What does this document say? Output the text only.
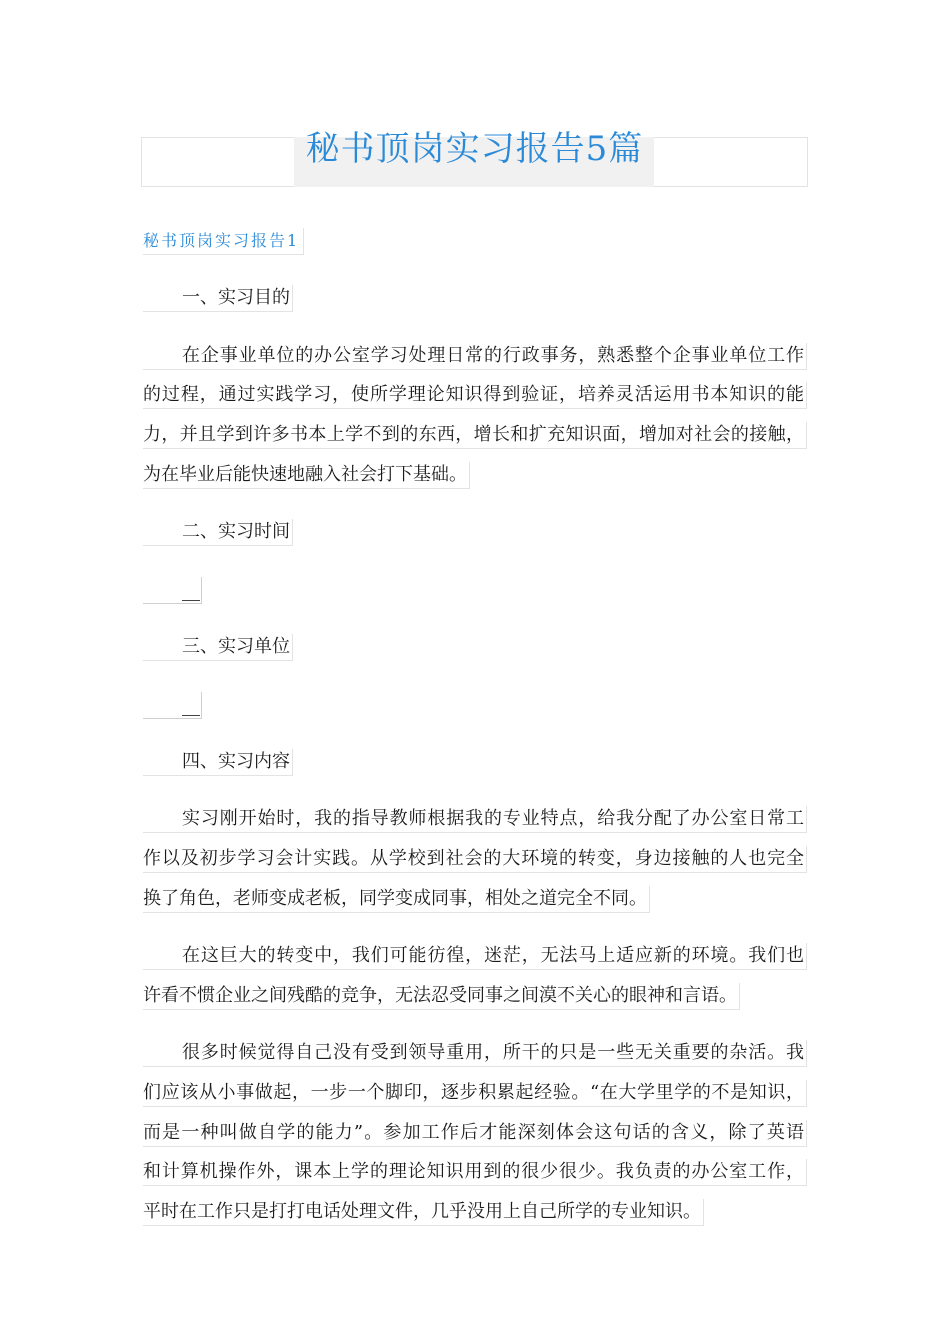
秘书顶岗实习报告5篇
秘书顶岗实习报告1
一、实习目的
在企事业单位的办公室学习处理日常的行政事务，熟悉整个企事业单位工作
的过程，通过实践学习，使所学理论知识得到验证，培养灵活运用书本知识的能
力，并且学到许多书本上学不到的东西，增长和扩充知识面，增加对社会的接触，
为在毕业后能快速地融入社会打下基础。
二、实习时间
三、实习单位
四、实习内容
实习刚开始时，我的指导教师根据我的专业特点，给我分配了办公室日常工
作以及初步学习会计实践。从学校到社会的大环境的转变，身边接触的人也完全
换了角色，老师变成老板，同学变成同事，相处之道完全不同。
在这巨大的转变中，我们可能彷徨，迷茫，无法马上适应新的环境。我们也
许看不惯企业之间残酷的竞争，无法忍受同事之间漠不关心的眼神和言语。
很多时候觉得自己没有受到领导重用，所干的只是一些无关重要的杂活。我
们应该从小事做起，一步一个脚印，逐步积累起经验。“在大学里学的不是知识，
而是一种叫做自学的能力”。参加工作后才能深刻体会这句话的含义，除了英语
和计算机操作外，课本上学的理论知识用到的很少很少。我负责的办公室工作，
平时在工作只是打打电话处理文件，几乎没用上自己所学的专业知识。
